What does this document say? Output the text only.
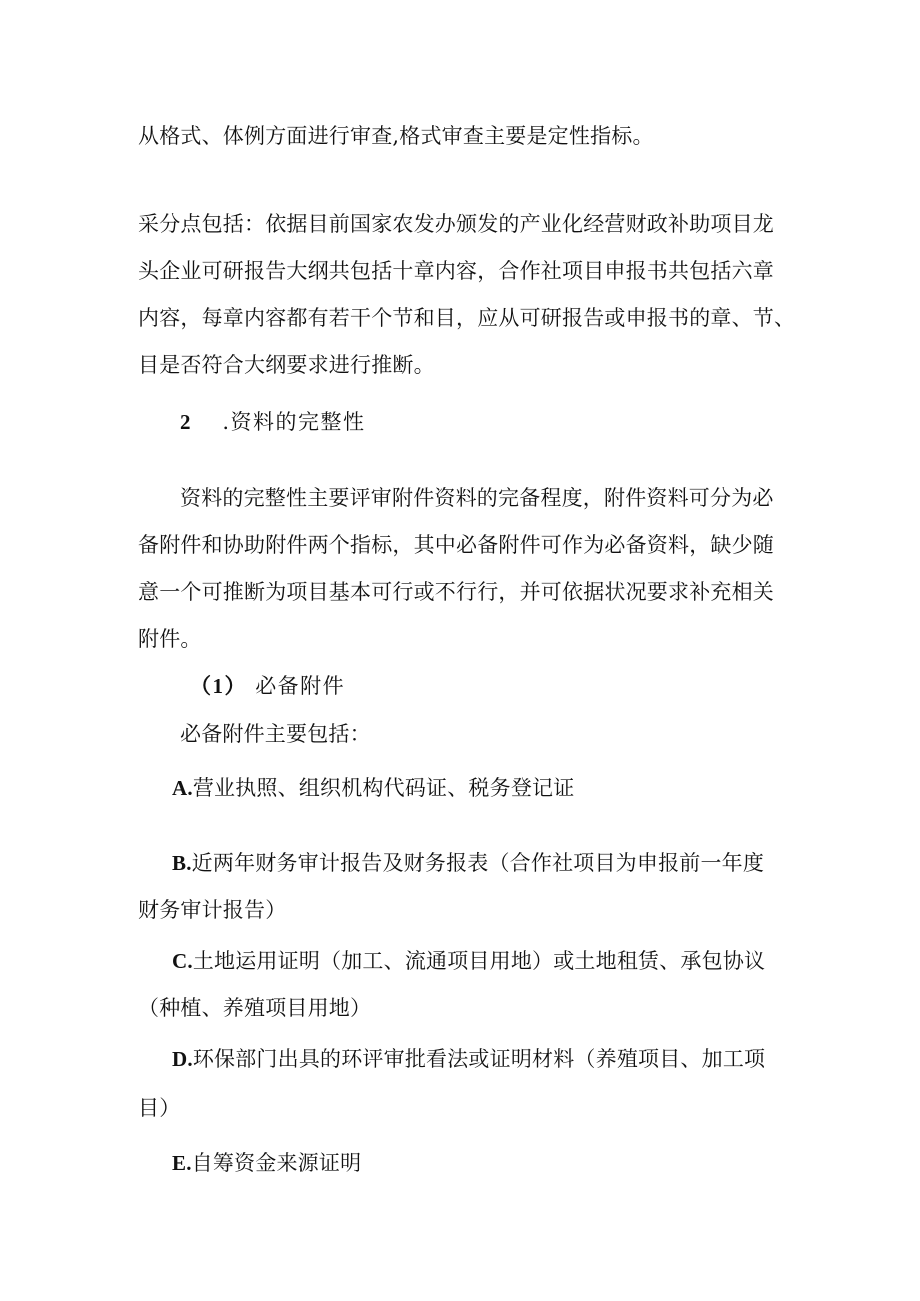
从格式、体例方面进行审查,格式审查主要是定性指标。
采分点包括：依据目前国家农发办颁发的产业化经营财政补助项目龙
头企业可研报告大纲共包括十章内容，合作社项目申报书共包括六章
内容，每章内容都有若干个节和目，应从可研报告或申报书的章、节、
目是否符合大纲要求进行推断。
2 .资料的完整性
资料的完整性主要评审附件资料的完备程度，附件资料可分为必
备附件和协助附件两个指标，其中必备附件可作为必备资料，缺少随
意一个可推断为项目基本可行或不行行，并可依据状况要求补充相关
附件。
（1） 必备附件
必备附件主要包括：
A.营业执照、组织机构代码证、税务登记证
B.近两年财务审计报告及财务报表（合作社项目为申报前一年度
财务审计报告）
C.土地运用证明（加工、流通项目用地）或土地租赁、承包协议
（种植、养殖项目用地）
D.环保部门出具的环评审批看法或证明材料（养殖项目、加工项
目）
E.自筹资金来源证明
